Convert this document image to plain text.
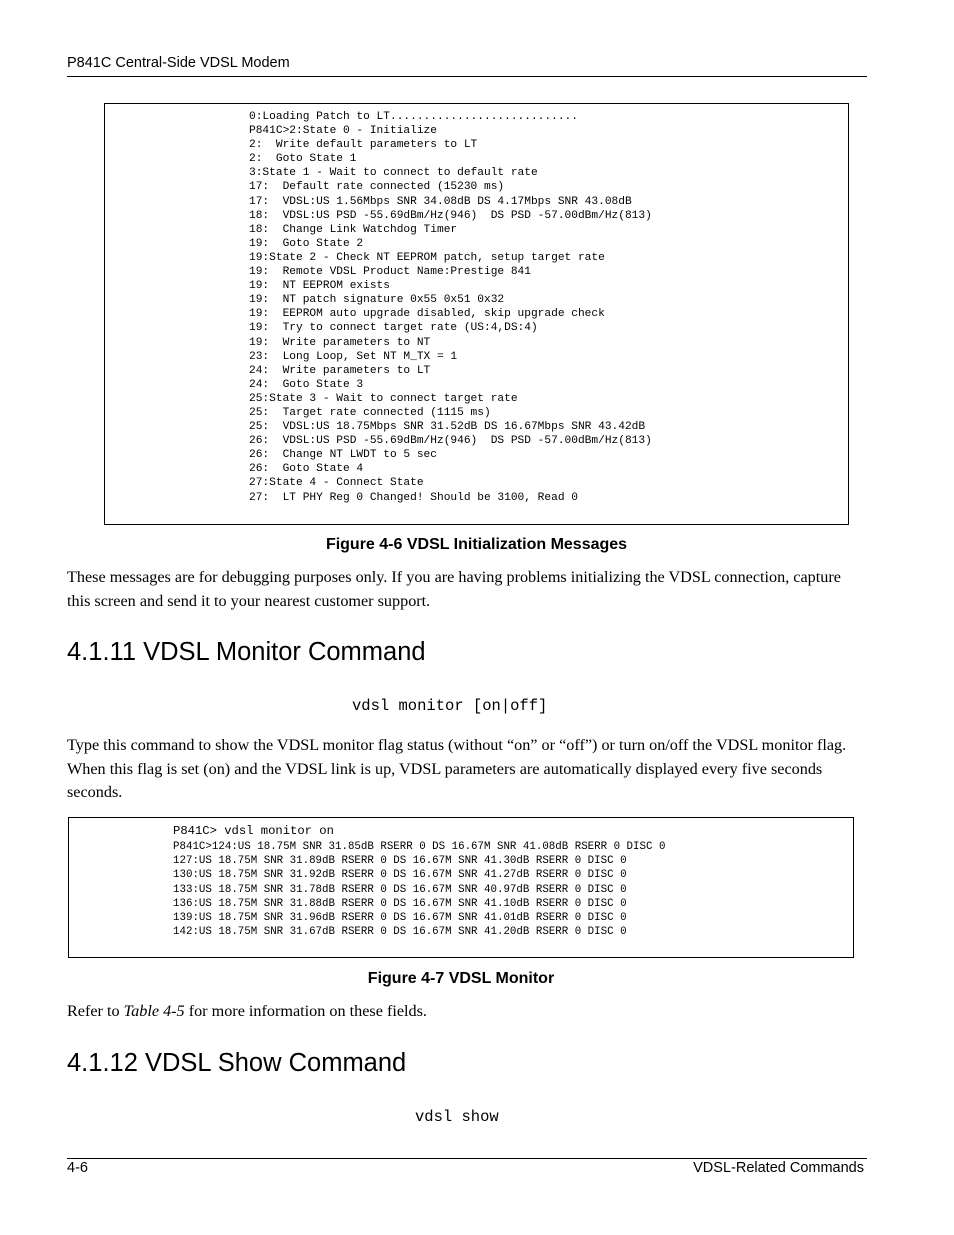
P841C Central-Side VDSL Modem
0:Loading Patch to LT............................
P841C>2:State 0 - Initialize
2:  Write default parameters to LT
2:  Goto State 1
3:State 1 - Wait to connect to default rate
17:  Default rate connected (15230 ms)
17:  VDSL:US 1.56Mbps SNR 34.08dB DS 4.17Mbps SNR 43.08dB
18:  VDSL:US PSD -55.69dBm/Hz(946)  DS PSD -57.00dBm/Hz(813)
18:  Change Link Watchdog Timer
19:  Goto State 2
19:State 2 - Check NT EEPROM patch, setup target rate
19:  Remote VDSL Product Name:Prestige 841
19:  NT EEPROM exists
19:  NT patch signature 0x55 0x51 0x32
19:  EEPROM auto upgrade disabled, skip upgrade check
19:  Try to connect target rate (US:4,DS:4)
19:  Write parameters to NT
23:  Long Loop, Set NT M_TX = 1
24:  Write parameters to LT
24:  Goto State 3
25:State 3 - Wait to connect target rate
25:  Target rate connected (1115 ms)
25:  VDSL:US 18.75Mbps SNR 31.52dB DS 16.67Mbps SNR 43.42dB
26:  VDSL:US PSD -55.69dBm/Hz(946)  DS PSD -57.00dBm/Hz(813)
26:  Change NT LWDT to 5 sec
26:  Goto State 4
27:State 4 - Connect State
27:  LT PHY Reg 0 Changed! Should be 3100, Read 0
Figure 4-6 VDSL Initialization Messages
These messages are for debugging purposes only. If you are having problems initializing the VDSL connection, capture this screen and send it to your nearest customer support.
4.1.11 VDSL Monitor Command
vdsl monitor [on|off]
Type this command to show the VDSL monitor flag status (without “on” or “off”) or turn on/off the VDSL monitor flag. When this flag is set (on) and the VDSL link is up, VDSL parameters are automatically displayed every five seconds seconds.
P841C> vdsl monitor on
P841C>124:US 18.75M SNR 31.85dB RSERR 0 DS 16.67M SNR 41.08dB RSERR 0 DISC 0
127:US 18.75M SNR 31.89dB RSERR 0 DS 16.67M SNR 41.30dB RSERR 0 DISC 0
130:US 18.75M SNR 31.92dB RSERR 0 DS 16.67M SNR 41.27dB RSERR 0 DISC 0
133:US 18.75M SNR 31.78dB RSERR 0 DS 16.67M SNR 40.97dB RSERR 0 DISC 0
136:US 18.75M SNR 31.88dB RSERR 0 DS 16.67M SNR 41.10dB RSERR 0 DISC 0
139:US 18.75M SNR 31.96dB RSERR 0 DS 16.67M SNR 41.01dB RSERR 0 DISC 0
142:US 18.75M SNR 31.67dB RSERR 0 DS 16.67M SNR 41.20dB RSERR 0 DISC 0
Figure 4-7 VDSL Monitor
Refer to Table 4-5 for more information on these fields.
4.1.12 VDSL Show Command
vdsl show
4-6	VDSL-Related Commands
